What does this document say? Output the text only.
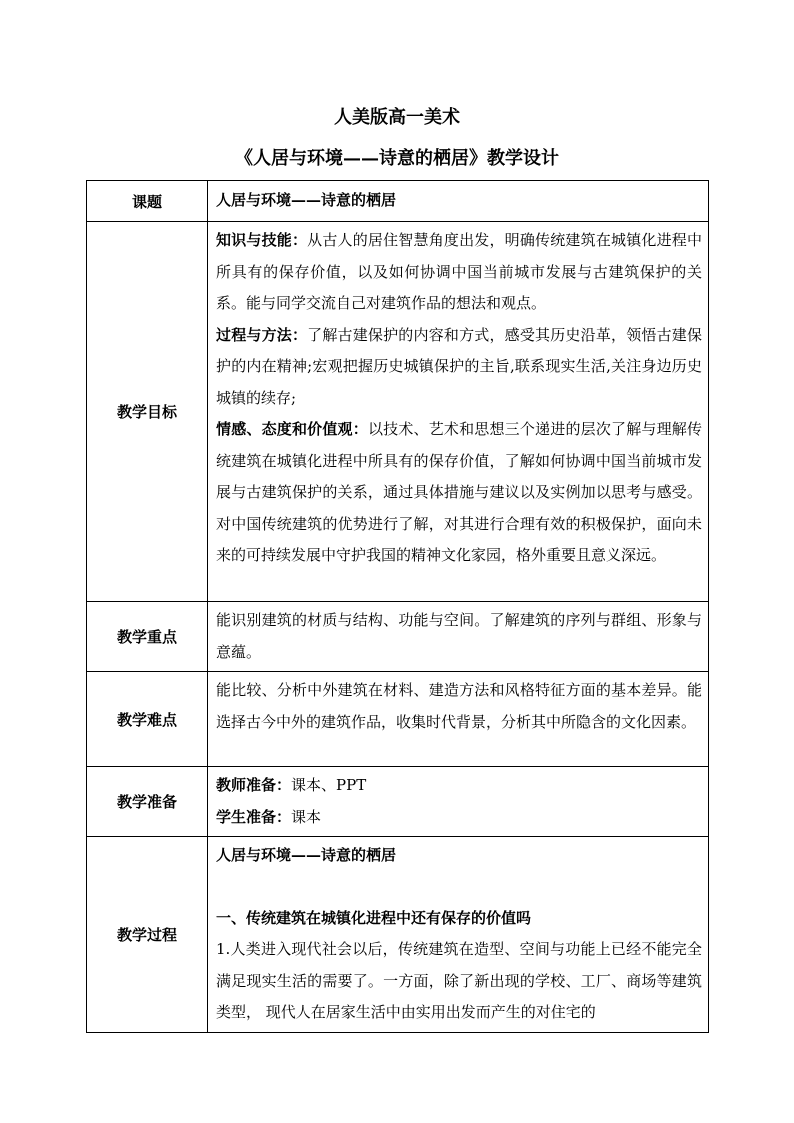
人美版高一美术
《人居与环境——诗意的栖居》教学设计
课题	人居与环境——诗意的栖居
教学目标	知识与技能：从古人的居住智慧角度出发，明确传统建筑在城镇化进程中所具有的保存价值，以及如何协调中国当前城市发展与古建筑保护的关系。能与同学交流自己对建筑作品的想法和观点。
过程与方法：了解古建保护的内容和方式，感受其历史沿革，领悟古建保护的内在精神;宏观把握历史城镇保护的主旨,联系现实生活,关注身边历史城镇的续存;
情感、态度和价值观：以技术、艺术和思想三个递进的层次了解与理解传统建筑在城镇化进程中所具有的保存价值，了解如何协调中国当前城市发展与古建筑保护的关系，通过具体措施与建议以及实例加以思考与感受。对中国传统建筑的优势进行了解，对其进行合理有效的积极保护，面向未来的可持续发展中守护我国的精神文化家园，格外重要且意义深远。

教学重点	能识别建筑的材质与结构、功能与空间。了解建筑的序列与群组、形象与意蕴。
教学难点	能比较、分析中外建筑在材料、建造方法和风格特征方面的基本差异。能选择古今中外的建筑作品，收集时代背景，分析其中所隐含的文化因素。
教学准备	教师准备：课本、PPT
学生准备：课本

教学过程	人居与环境——诗意的栖居
一、传统建筑在城镇化进程中还有保存的价值吗
1.人类进入现代社会以后，传统建筑在造型、空间与功能上已经不能完全满足现实生活的需要了。一方面，除了新出现的学校、工厂、商场等建筑类型， 现代人在居家生活中由实用出发而产生的对住宅的
